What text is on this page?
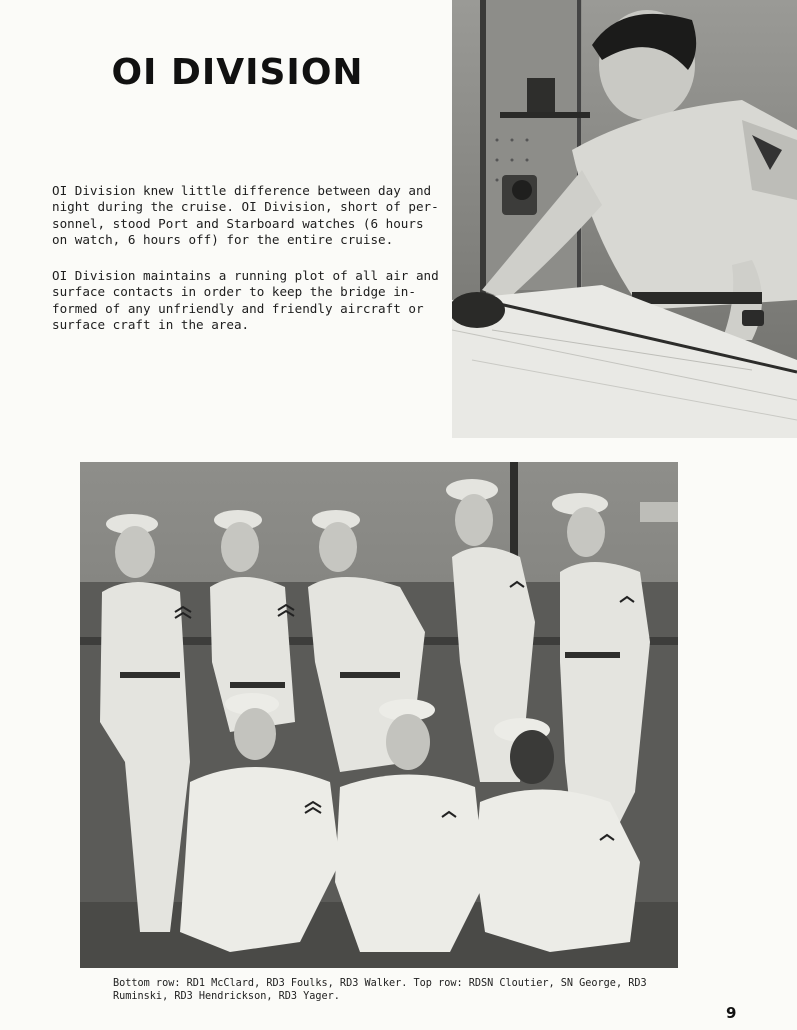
OI DIVISION
OI Division knew little difference between day and
night during the cruise. OI Division, short of per-
sonnel, stood Port and Starboard watches (6 hours
on watch, 6 hours off) for the entire cruise.
OI Division maintains a running plot of all air and
surface contacts in order to keep the bridge in-
formed of any unfriendly and friendly aircraft or
surface craft in the area.
Bottom row: RD1 McClard, RD3 Foulks, RD3 Walker. Top row: RDSN Cloutier, SN George, RD3
Ruminski, RD3 Hendrickson, RD3 Yager.
9
